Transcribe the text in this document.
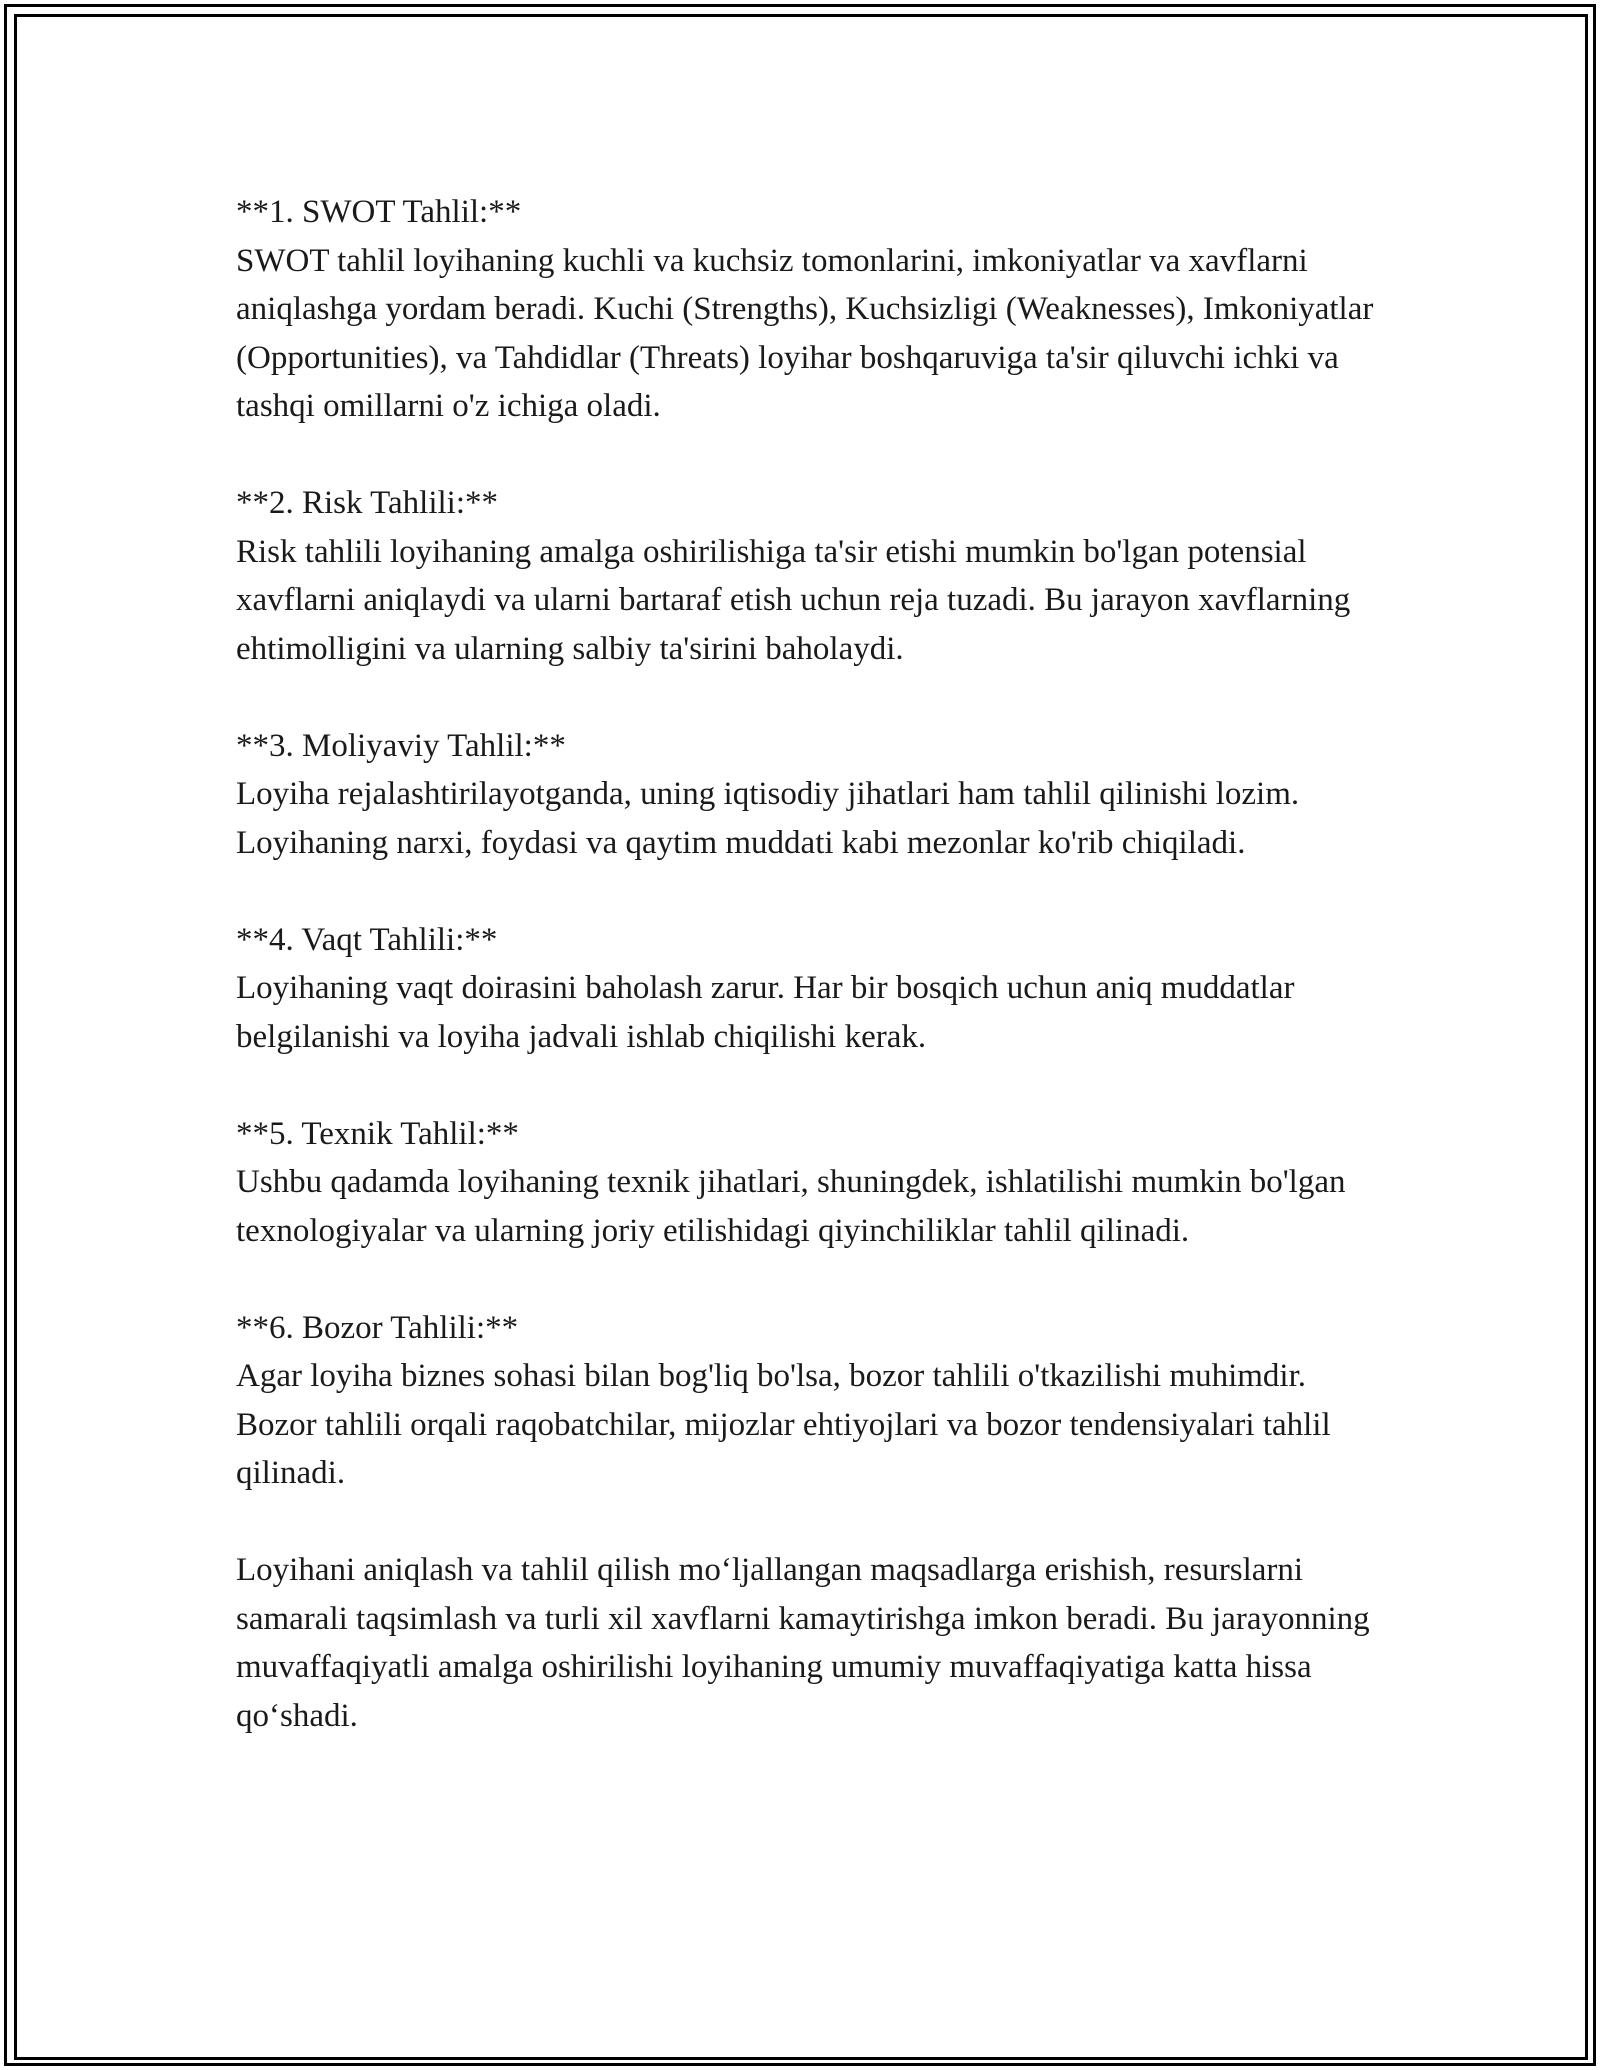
**1. SWOT Tahlil:**
SWOT tahlil loyihaning kuchli va kuchsiz tomonlarini, imkoniyatlar va xavflarni aniqlashga yordam beradi. Kuchi (Strengths), Kuchsizligi (Weaknesses), Imkoniyatlar (Opportunities), va Tahdidlar (Threats) loyihar boshqaruviga ta'sir qiluvchi ichki va tashqi omillarni o'z ichiga oladi.
**2. Risk Tahlili:**
Risk tahlili loyihaning amalga oshirilishiga ta'sir etishi mumkin bo'lgan potensial xavflarni aniqlaydi va ularni bartaraf etish uchun reja tuzadi. Bu jarayon xavflarning ehtimolligini va ularning salbiy ta'sirini baholaydi.
**3. Moliyaviy Tahlil:**
Loyiha rejalashtirilayotganda, uning iqtisodiy jihatlari ham tahlil qilinishi lozim. Loyihaning narxi, foydasi va qaytim muddati kabi mezonlar ko'rib chiqiladi.
**4. Vaqt Tahlili:**
Loyihaning vaqt doirasini baholash zarur. Har bir bosqich uchun aniq muddatlar belgilanishi va loyiha jadvali ishlab chiqilishi kerak.
**5. Texnik Tahlil:**
Ushbu qadamda loyihaning texnik jihatlari, shuningdek, ishlatilishi mumkin bo'lgan texnologiyalar va ularning joriy etilishidagi qiyinchiliklar tahlil qilinadi.
**6. Bozor Tahlili:**
Agar loyiha biznes sohasi bilan bog'liq bo'lsa, bozor tahlili o'tkazilishi muhimdir. Bozor tahlili orqali raqobatchilar, mijozlar ehtiyojlari va bozor tendensiyalari tahlil qilinadi.

Loyihani aniqlash va tahlil qilish mo‘ljallangan maqsadlarga erishish, resurslarni samarali taqsimlash va turli xil xavflarni kamaytirishga imkon beradi. Bu jarayonning muvaffaqiyatli amalga oshirilishi loyihaning umumiy muvaffaqiyatiga katta hissa qo‘shadi.
